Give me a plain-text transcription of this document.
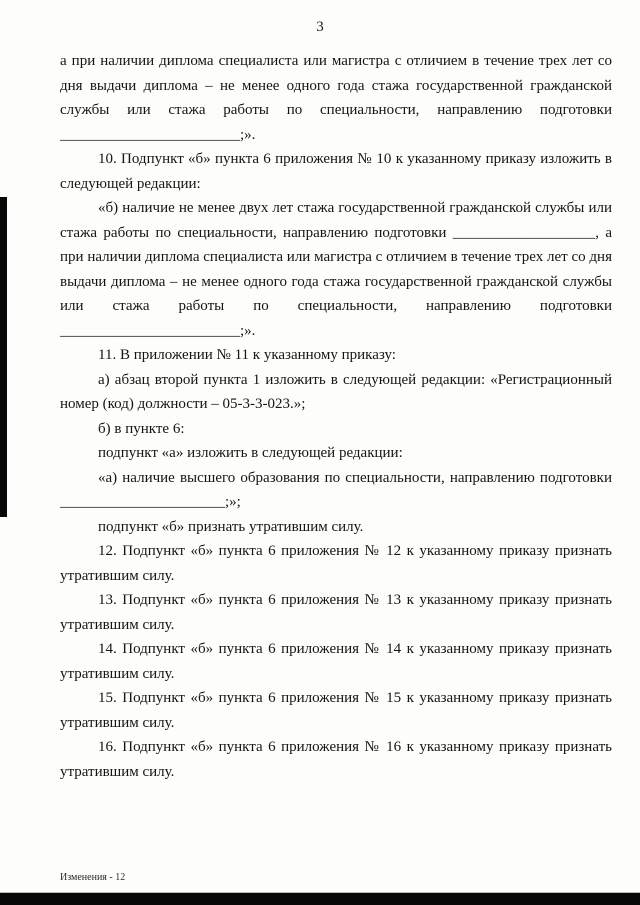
3

а при наличии диплома специалиста или магистра с отличием в течение трех лет со дня выдачи диплома – не менее одного года стажа государственной гражданской службы или стажа работы по специальности, направлению подготовки ________________________;».

10. Подпункт «б» пункта 6 приложения № 10 к указанному приказу изложить в следующей редакции:

«б) наличие не менее двух лет стажа государственной гражданской службы или стажа работы по специальности, направлению подготовки ___________________, а при наличии диплома специалиста или магистра с отличием в течение трех лет со дня выдачи диплома – не менее одного года стажа государственной гражданской службы или стажа работы по специальности, направлению подготовки ________________________;».

11. В приложении № 11 к указанному приказу:

а) абзац второй пункта 1 изложить в следующей редакции: «Регистрационный номер (код) должности – 05-3-3-023.»;

б) в пункте 6:

подпункт «а» изложить в следующей редакции:

«а) наличие высшего образования по специальности, направлению подготовки ______________________;»;

подпункт «б» признать утратившим силу.

12. Подпункт «б» пункта 6 приложения № 12 к указанному приказу признать утратившим силу.

13. Подпункт «б» пункта 6 приложения № 13 к указанному приказу признать утратившим силу.

14. Подпункт «б» пункта 6 приложения № 14 к указанному приказу признать утратившим силу.

15. Подпункт «б» пункта 6 приложения № 15 к указанному приказу признать утратившим силу.

16. Подпункт «б» пункта 6 приложения № 16 к указанному приказу признать утратившим силу.

Изменения - 12
